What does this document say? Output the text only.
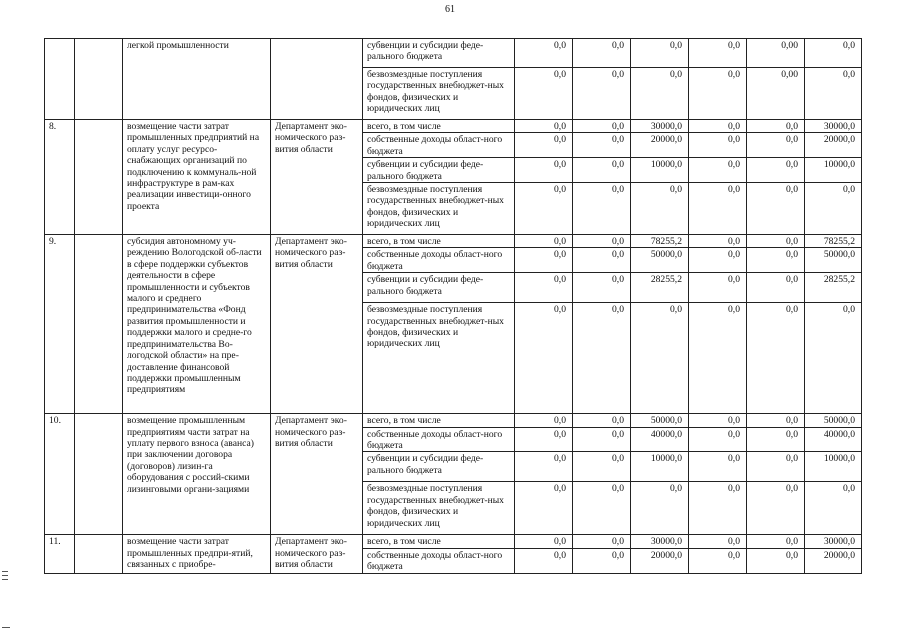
61
		легкой промышленности		субвенции и субсидии феде-ральногo бюджета	0,0	0,0	0,0	0,0	0,00	0,0
				безвозмездные поступления государственных внебюджет-ных фондов, физических и юридических лиц	0,0	0,0	0,0	0,0	0,00	0,0
8.		возмещение части затрат промышленных предприятий на оплату услуг ресурсо-снабжающих организаций по подключению к коммуналь-ной инфраструктуре в рам-ках реализации инвестици-онного проекта	Департамент эко-номического раз-вития области	всего, в том числе	0,0	0,0	30000,0	0,0	0,0	30000,0
				собственные доходы област-ного бюджета	0,0	0,0	20000,0	0,0	0,0	20000,0
				субвенции и субсидии феде-рального бюджета	0,0	0,0	10000,0	0,0	0,0	10000,0
				безвозмездные поступления государственных внебюджет-ных фондов, физических и юридических лиц	0,0	0,0	0,0	0,0	0,0	0,0
9.		субсидия автономному уч-реждению Вологодской об-ласти в сфере поддержки субъектов деятельности в сфере промышленности и субъектов малого и среднего предпринимательства «Фонд развития промышленности и поддержки малого и средне-го предпринимательства Во-логодской области» на пре-доставление финансовой поддержки промышленным предприятиям	Департамент эко-номического раз-вития области	всего, в том числе	0,0	0,0	78255,2	0,0	0,0	78255,2
				собственные доходы област-ного бюджета	0,0	0,0	50000,0	0,0	0,0	50000,0
				субвенции и субсидии феде-рального бюджета	0,0	0,0	28255,2	0,0	0,0	28255,2
				безвозмездные поступления государственных внебюджет-ных фондов, физических и юридических лиц	0,0	0,0	0,0	0,0	0,0	0,0
10.		возмещение промышленным предприятиям части затрат на уплату первого взноса (аванса) при заключении договора (договоров) лизин-га оборудования с россий-скими лизинговыми органи-зациями	Департамент эко-номического раз-вития области	всего, в том числе	0,0	0,0	50000,0	0,0	0,0	50000,0
				собственные доходы област-ного бюджета	0,0	0,0	40000,0	0,0	0,0	40000,0
				субвенции и субсидии феде-рального бюджета	0,0	0,0	10000,0	0,0	0,0	10000,0
				безвозмездные поступления государственных внебюджет-ных фондов, физических и юридических лиц	0,0	0,0	0,0	0,0	0,0	0,0
11.		возмещение части затрат промышленных предпри-ятий, связанных с приобре-	Департамент эко-номического раз-вития области	всего, в том числе	0,0	0,0	30000,0	0,0	0,0	30000,0
				собственные доходы област-ного бюджета	0,0	0,0	20000,0	0,0	0,0	20000,0
